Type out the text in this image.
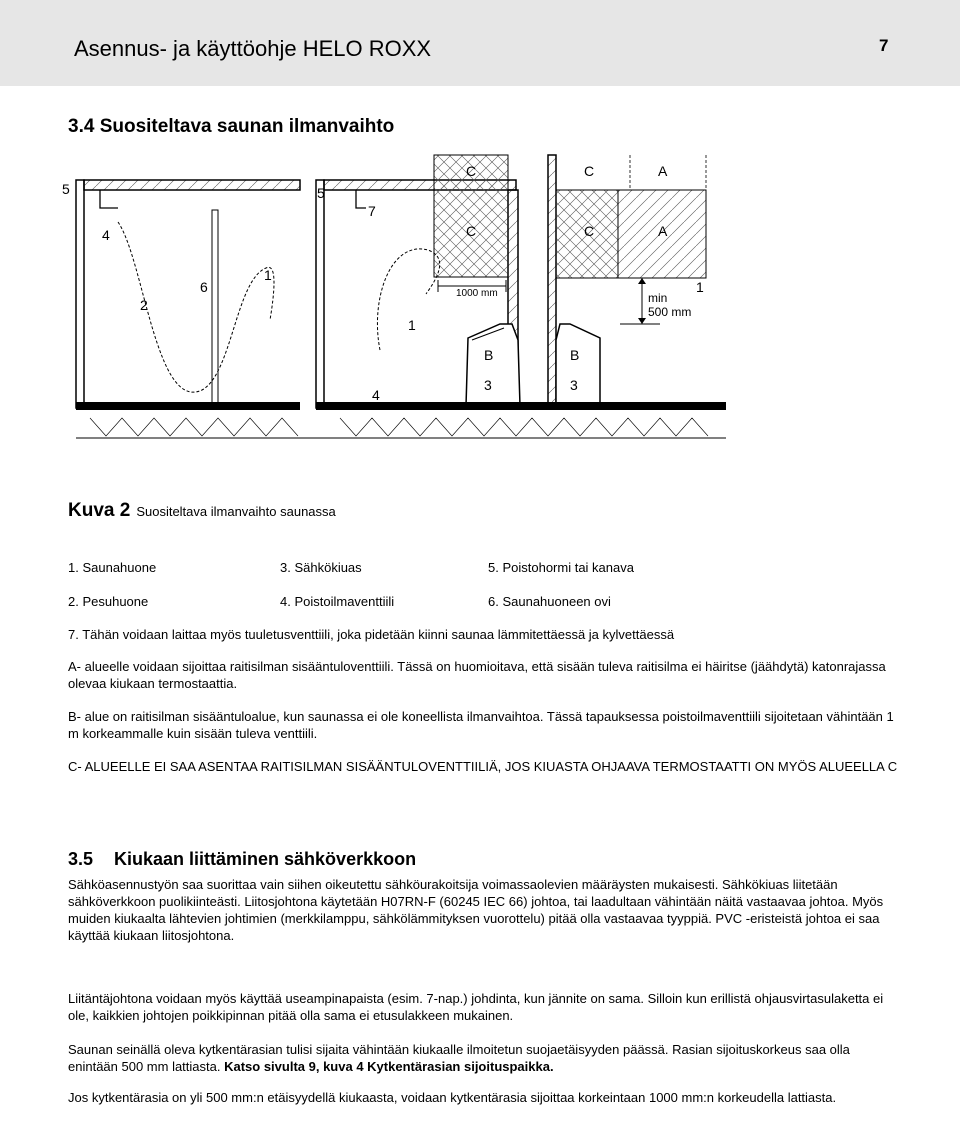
Asennus- ja käyttöohje HELO ROXX	7
3.4 Suositeltava saunan ilmanvaihto
5
4
2
6
1
5
7
1
4
C	C	A
C	C	A
1
1000 mm	min
500 mm
B	B
3	3
Kuva 2 Suositeltava ilmanvaihto saunassa
1. Saunahuone	3. Sähkökiuas	5. Poistohormi tai kanava
2. Pesuhuone	4. Poistoilmaventtiili	6. Saunahuoneen ovi
7. Tähän voidaan laittaa myös tuuletusventtiili, joka pidetään kiinni saunaa lämmitettäessä ja kylvettäessä
A- alueelle voidaan sijoittaa raitisilman sisääntuloventtiili. Tässä on huomioitava, että sisään tuleva raitisilma ei häiritse (jäähdytä) katonrajassa olevaa kiukaan termostaattia.
B- alue on raitisilman sisääntuloalue, kun saunassa ei ole koneellista ilmanvaihtoa. Tässä tapauksessa poistoilmaventtiili sijoitetaan vähintään 1 m korkeammalle kuin sisään tuleva venttiili.
C- ALUEELLE EI SAA ASENTAA RAITISILMAN SISÄÄNTULOVENTTIILIÄ, JOS KIUASTA OHJAAVA TERMOSTAATTI ON MYÖS ALUEELLA C
3.5 Kiukaan liittäminen sähköverkkoon
Sähköasennustyön saa suorittaa vain siihen oikeutettu sähköurakoitsija voimassaolevien määräysten mukaisesti. Sähkökiuas liitetään sähköverkkoon puolikiinteästi. Liitosjohtona käytetään H07RN-F (60245 IEC 66) johtoa, tai laadultaan vähintään näitä vastaavaa johtoa. Myös muiden kiukaalta lähtevien johtimien (merkkilamppu, sähkölämmityksen vuorottelu) pitää olla vastaavaa tyyppiä. PVC -eristeistä johtoa ei saa käyttää kiukaan liitosjohtona.
Liitäntäjohtona voidaan myös käyttää useampinapaista (esim. 7-nap.) johdinta, kun jännite on sama. Silloin kun erillistä ohjausvirtasulaketta ei ole, kaikkien johtojen poikkipinnan pitää olla sama ei etusulakkeen mukainen.
Saunan seinällä oleva kytkentärasian tulisi sijaita vähintään kiukaalle ilmoitetun suojaetäisyyden päässä. Rasian sijoituskorkeus saa olla enintään 500 mm lattiasta. Katso sivulta 9, kuva 4 Kytkentärasian sijoituspaikka.
Jos kytkentärasia on yli 500 mm:n etäisyydellä kiukaasta, voidaan kytkentärasia sijoittaa korkeintaan 1000 mm:n korkeudella lattiasta.
